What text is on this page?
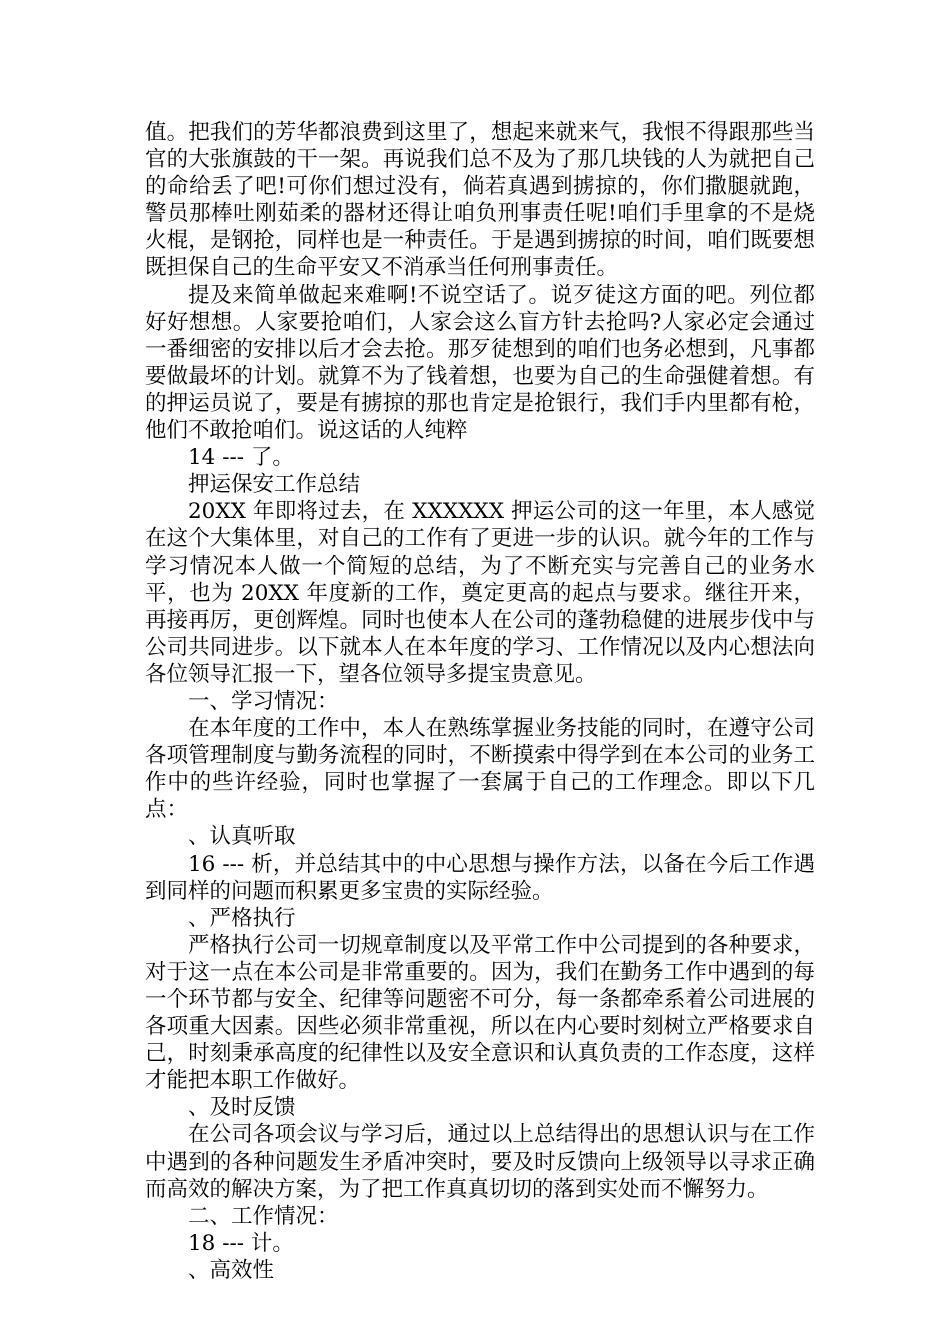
值。把我们的芳华都浪费到这里了，想起来就来气，我恨不得跟那些当官的大张旗鼓的干一架。再说我们总不及为了那几块钱的人为就把自己的命给丢了吧!可你们想过没有，倘若真遇到掳掠的，你们撒腿就跑，警员那棒吐刚茹柔的器材还得让咱负刑事责任呢!咱们手里拿的不是烧火棍，是钢抢，同样也是一种责任。于是遇到掳掠的时间，咱们既要想既担保自己的生命平安又不消承当任何刑事责任。

提及来简单做起来难啊!不说空话了。说歹徒这方面的吧。列位都好好想想。人家要抢咱们，人家会这么盲方针去抢吗?人家必定会通过一番细密的安排以后才会去抢。那歹徒想到的咱们也务必想到，凡事都要做最坏的计划。就算不为了钱着想，也要为自己的生命强健着想。有的押运员说了，要是有掳掠的那也肯定是抢银行，我们手内里都有枪，他们不敢抢咱们。说这话的人纯粹

14 --- 了。

押运保安工作总结

20XX 年即将过去，在 XXXXXX 押运公司的这一年里，本人感觉在这个大集体里，对自己的工作有了更进一步的认识。就今年的工作与学习情况本人做一个简短的总结，为了不断充实与完善自己的业务水平，也为 20XX 年度新的工作，奠定更高的起点与要求。继往开来，再接再厉，更创辉煌。同时也使本人在公司的蓬勃稳健的进展步伐中与公司共同进步。以下就本人在本年度的学习、工作情况以及内心想法向各位领导汇报一下，望各位领导多提宝贵意见。

一、学习情况：

在本年度的工作中，本人在熟练掌握业务技能的同时，在遵守公司各项管理制度与勤务流程的同时，不断摸索中得学到在本公司的业务工作中的些许经验，同时也掌握了一套属于自己的工作理念。即以下几点：

、认真听取

16 --- 析，并总结其中的中心思想与操作方法，以备在今后工作遇到同样的问题而积累更多宝贵的实际经验。

、严格执行

严格执行公司一切规章制度以及平常工作中公司提到的各种要求，对于这一点在本公司是非常重要的。因为，我们在勤务工作中遇到的每一个环节都与安全、纪律等问题密不可分，每一条都牵系着公司进展的各项重大因素。因些必须非常重视，所以在内心要时刻树立严格要求自己，时刻秉承高度的纪律性以及安全意识和认真负责的工作态度，这样才能把本职工作做好。

、及时反馈

在公司各项会议与学习后，通过以上总结得出的思想认识与在工作中遇到的各种问题发生矛盾冲突时，要及时反馈向上级领导以寻求正确而高效的解决方案，为了把工作真真切切的落到实处而不懈努力。

二、工作情况：

18 --- 计。

、高效性
